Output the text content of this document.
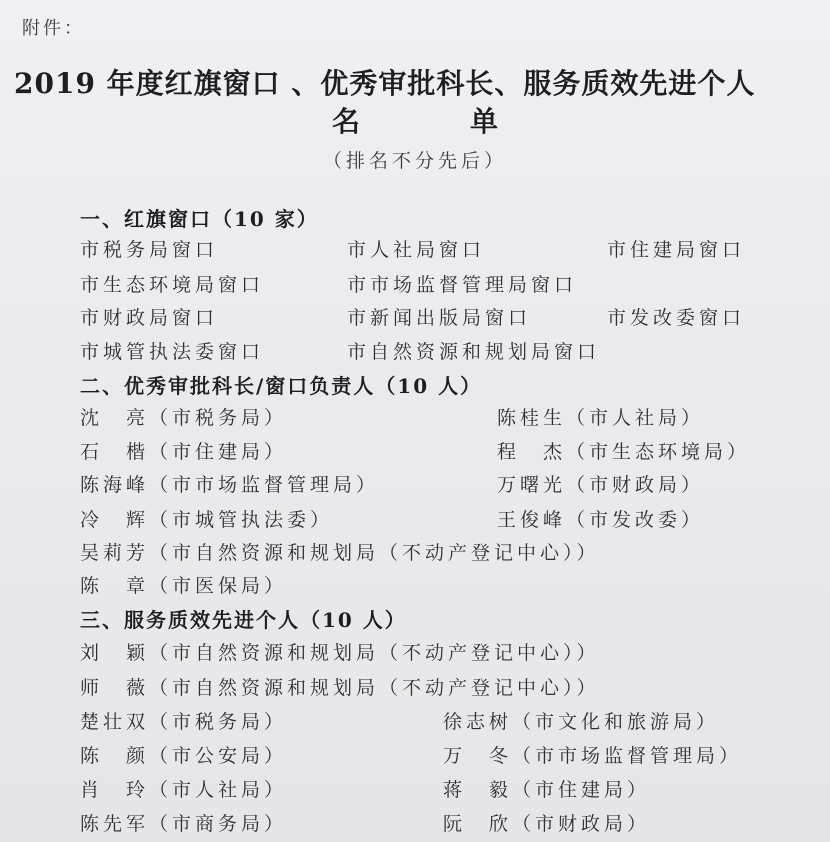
附件：
2019 年度红旗窗口 、优秀审批科长、服务质效先进个人
名	单
（排名不分先后）
一、红旗窗口（10 家）
市税务局窗口	市人社局窗口	市住建局窗口
市生态环境局窗口	市市场监督管理局窗口
市财政局窗口	市新闻出版局窗口	市发改委窗口
市城管执法委窗口	市自然资源和规划局窗口
二、优秀审批科长/窗口负责人（10 人）
沈　亮（市税务局）	陈桂生（市人社局）
石　楷（市住建局）	程　杰（市生态环境局）
陈海峰（市市场监督管理局）	万曙光（市财政局）
冷　辉（市城管执法委）	王俊峰（市发改委）
吴莉芳（市自然资源和规划局（不动产登记中心））
陈　章（市医保局）
三、服务质效先进个人（10 人）
刘　颖（市自然资源和规划局（不动产登记中心））
师　薇（市自然资源和规划局（不动产登记中心））
楚壮双（市税务局）	徐志树（市文化和旅游局）
陈　颜（市公安局）	万　冬（市市场监督管理局）
肖　玲（市人社局）	蒋　毅（市住建局）
陈先军（市商务局）	阮　欣（市财政局）
